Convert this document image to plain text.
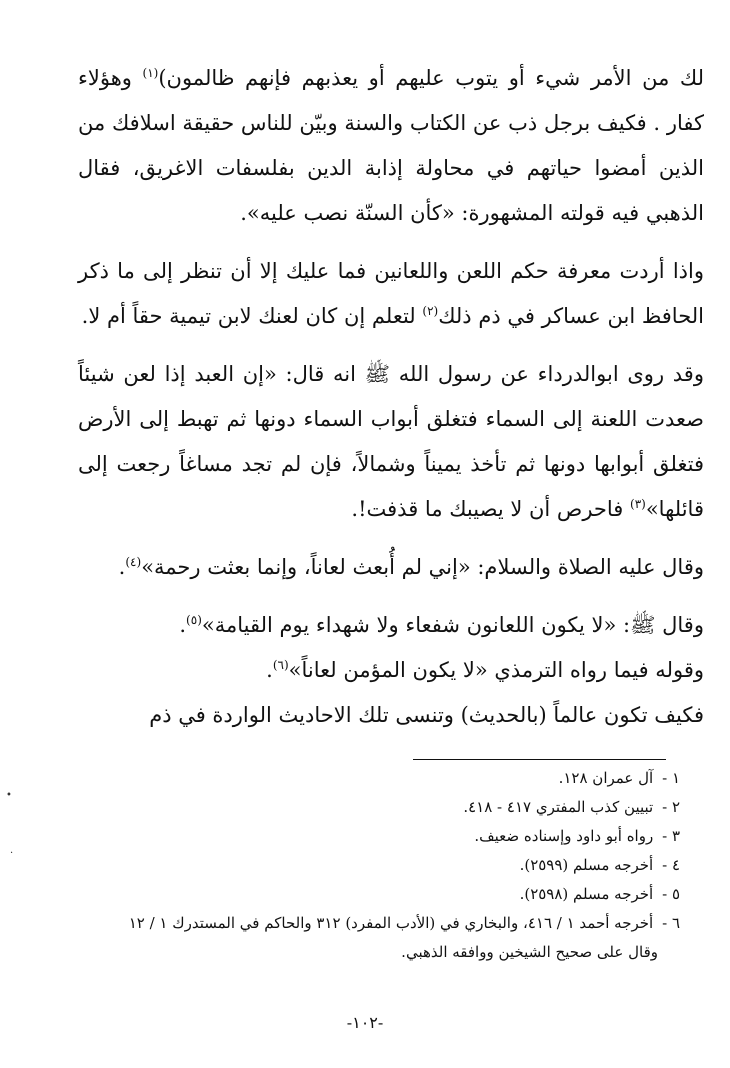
لك من الأمر شيء أو يتوب عليهم أو يعذبهم فإنهم ظالمون)$^{(١)}$ وهؤلاء كفار . فكيف برجل ذب عن الكتاب والسنة وبيّن للناس حقيقة اسلافك من الذين أمضوا حياتهم في محاولة إذابة الدين بفلسفات الاغريق، فقال الذهبي فيه قولته المشهورة: «كأن السنّة نصب عليه».

واذا أردت معرفة حكم اللعن واللعانين فما عليك إلا أن تنظر إلى ما ذكر الحافظ ابن عساكر في ذم ذلك$^{(٢)}$ لتعلم إن كان لعنك لابن تيمية حقاً أم لا.

وقد روى ابوالدرداء عن رسول الله ﷺ انه قال: «إن العبد إذا لعن شيئاً صعدت اللعنة إلى السماء فتغلق أبواب السماء دونها ثم تهبط إلى الأرض فتغلق أبوابها دونها ثم تأخذ يميناً وشمالاً، فإن لم تجد مساغاً رجعت إلى قائلها»$^{(٣)}$ فاحرص أن لا يصيبك ما قذفت!.

وقال عليه الصلاة والسلام: «إني لم أُبعث لعاناً، وإنما بعثت رحمة»$^{(٤)}$.

وقال ﷺ: «لا يكون اللعانون شفعاء ولا شهداء يوم القيامة»$^{(٥)}$.

وقوله فيما رواه الترمذي «لا يكون المؤمن لعاناً»$^{(٦)}$.

فكيف تكون عالماً (بالحديث) وتنسى تلك الاحاديث الواردة في ذم

١ - آل عمران ١٢٨.

٢ - تبيين كذب المفتري ٤١٧ - ٤١٨.

٣ - رواه أبو داود وإسناده ضعيف.

٤ - أخرجه مسلم (٢٥٩٩).

٥ - أخرجه مسلم (٢٥٩٨).

٦ - أخرجه أحمد ١ / ٤١٦، والبخاري في (الأدب المفرد) ٣١٢ والحاكم في المستدرك ١ / ١٢

وقال على صحيح الشيخين ووافقه الذهبي.

-١٠٢-
•
·
